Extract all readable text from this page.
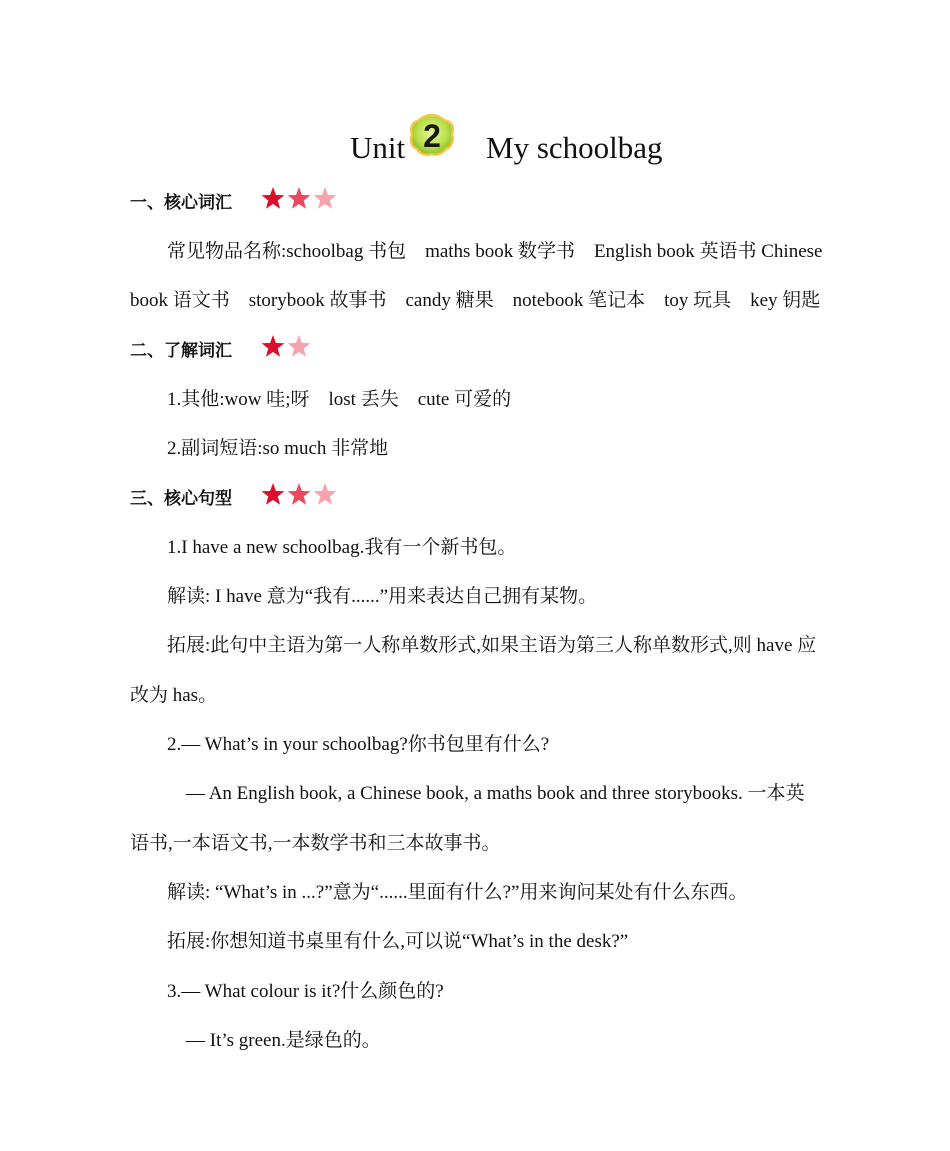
Unit 2 My schoolbag
一、核心词汇
常见物品名称:schoolbag 书包　maths book 数学书　English book 英语书 Chinese
book 语文书　storybook 故事书　candy 糖果　notebook 笔记本　toy 玩具　key 钥匙
二、了解词汇
1.其他:wow 哇;呀　lost 丢失　cute 可爱的
2.副词短语:so much 非常地
三、核心句型
1.I have a new schoolbag.我有一个新书包。
解读: I have 意为“我有......”用来表达自己拥有某物。
拓展:此句中主语为第一人称单数形式,如果主语为第三人称单数形式,则 have 应
改为 has。
2.— What’s in your schoolbag?你书包里有什么?
— An English book, a Chinese book, a maths book and three storybooks. 一本英
语书,一本语文书,一本数学书和三本故事书。
解读: “What’s in ...?”意为“......里面有什么?”用来询问某处有什么东西。
拓展:你想知道书桌里有什么,可以说“What’s in the desk?”
3.— What colour is it?什么颜色的?
— It’s green.是绿色的。
